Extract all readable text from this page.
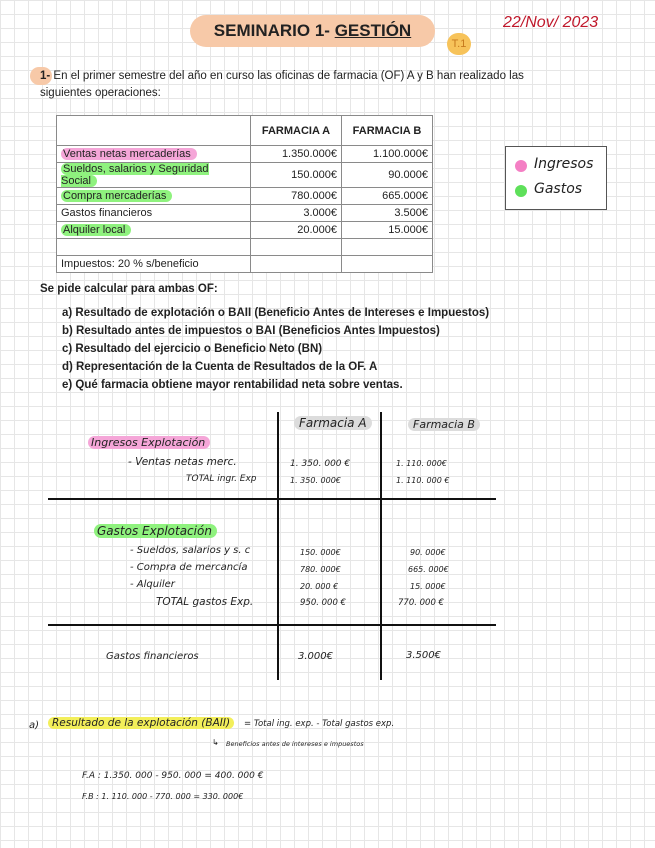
SEMINARIO 1- GESTIÓN
T.1
22/Nov/ 2023
1- En el primer semestre del año en curso las oficinas de farmacia (OF) A y B han realizado las siguientes operaciones:
	FARMACIA A	FARMACIA B
Ventas netas mercaderías	1.350.000€	1.100.000€
Sueldos, salarios y Seguridad Social	150.000€	90.000€
Compra mercaderías	780.000€	665.000€
Gastos financieros	3.000€	3.500€
Alquiler local	20.000€	15.000€

Impuestos: 20 % s/beneficio		
Ingresos
Gastos
Se pide calcular para ambas OF:
a) Resultado de explotación o BAII (Beneficio Antes de Intereses e Impuestos)
b) Resultado antes de impuestos o BAI (Beneficios Antes Impuestos)
c) Resultado del ejercicio o Beneficio Neto (BN)
d) Representación de la Cuenta de Resultados de la OF. A
e) Qué farmacia obtiene mayor rentabilidad neta sobre ventas.
Farmacia A	Farmacia B
Ingresos Explotación
- Ventas netas merc.	1. 350. 000 €	1. 110. 000€
TOTAL ingr. Exp	1. 350. 000€	1. 110. 000 €
Gastos Explotación
- Sueldos, salarios y s. c	150. 000€	90. 000€
- Compra de mercancía	780. 000€	665. 000€
- Alquiler	20. 000 €	15. 000€
TOTAL gastos Exp.	950. 000 €	770. 000 €
Gastos financieros	3.000€	3.500€
a)	Resultado de la explotación (BAII)	= Total ing. exp. - Total gastos exp.
↳ Beneficios antes de intereses e impuestos
F.A : 1.350. 000 - 950. 000 = 400. 000 €
F.B : 1. 110. 000 - 770. 000 = 330. 000€
